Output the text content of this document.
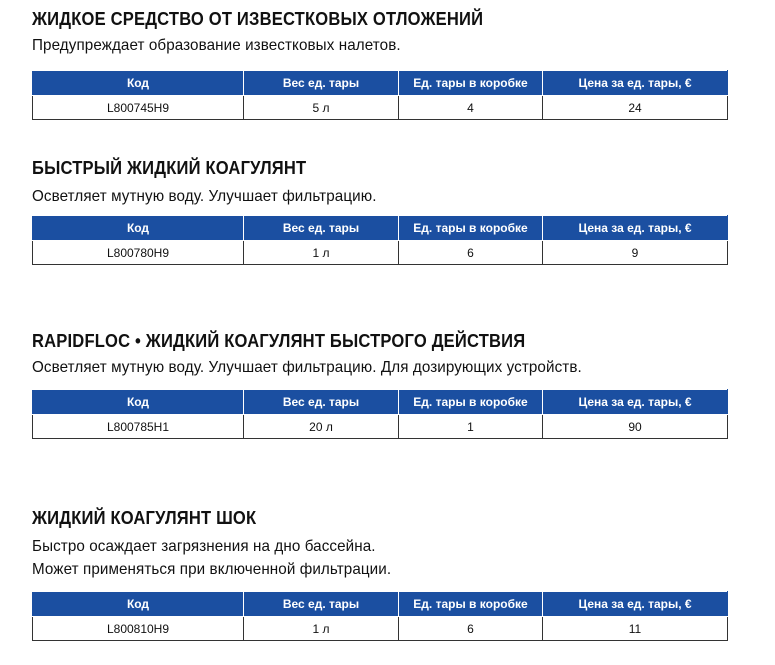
ЖИДКОЕ СРЕДСТВО ОТ ИЗВЕСТКОВЫХ ОТЛОЖЕНИЙ

Предупреждает образование известковых налетов.

Код	Вес ед. тары	Ед. тары в коробке	Цена за ед. тары, €
L800745H9	5 л	4	24

БЫСТРЫЙ ЖИДКИЙ КОАГУЛЯНТ

Осветляет мутную воду. Улучшает фильтрацию.

Код	Вес ед. тары	Ед. тары в коробке	Цена за ед. тары, €
L800780H9	1 л	6	9

RAPIDFLOC • ЖИДКИЙ КОАГУЛЯНТ БЫСТРОГО ДЕЙСТВИЯ

Осветляет мутную воду. Улучшает фильтрацию. Для дозирующих устройств.

Код	Вес ед. тары	Ед. тары в коробке	Цена за ед. тары, €
L800785H1	20 л	1	90

ЖИДКИЙ КОАГУЛЯНТ ШОК

Быстро осаждает загрязнения на дно бассейна.

Может применяться при включенной фильтрации.

Код	Вес ед. тары	Ед. тары в коробке	Цена за ед. тары, €
L800810H9	1 л	6	11
